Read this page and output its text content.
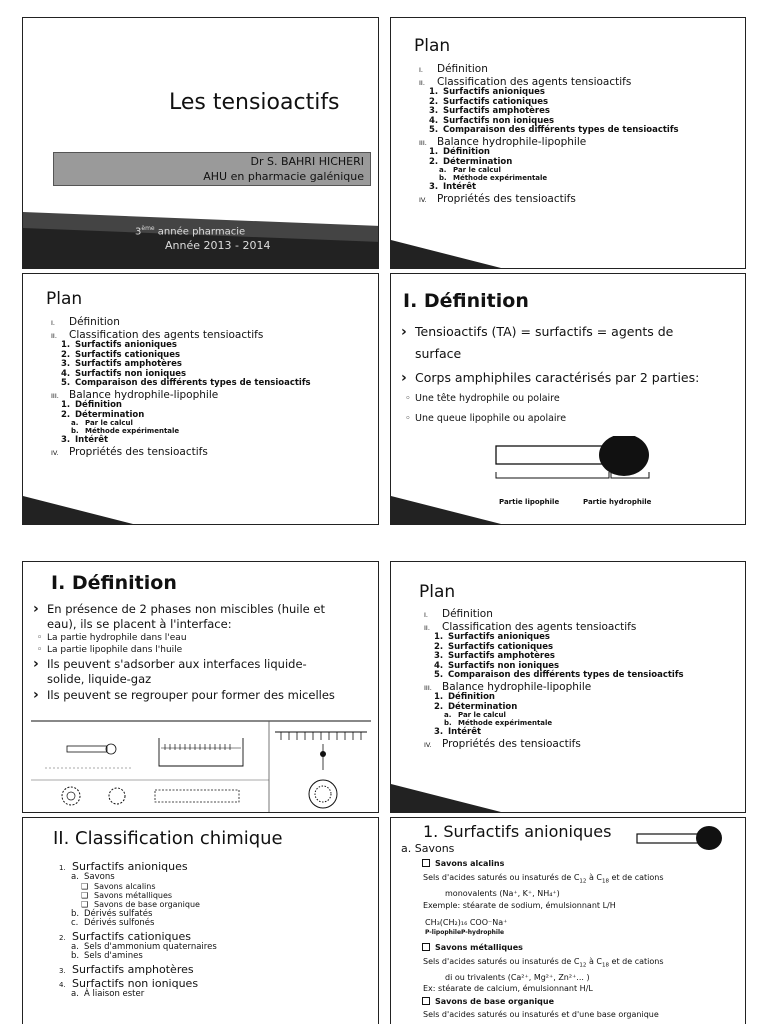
Les tensioactifs
Dr S. BAHRI HICHERI
AHU en pharmacie galénique
3ème année pharmacie
Année 2013 - 2014
Plan
I. Définition
II. Classification des agents tensioactifs
1. Surfactifs anioniques
2. Surfactifs cationiques
3. Surfactifs amphotères
4. Surfactifs non ioniques
5. Comparaison des différents types de tensioactifs
III. Balance hydrophile-lipophile
1. Définition
2. Détermination
a. Par le calcul
b. Méthode expérimentale
3. Intérêt
IV. Propriétés des tensioactifs
Plan
I. Définition
II. Classification des agents tensioactifs
1. Surfactifs anioniques
2. Surfactifs cationiques
3. Surfactifs amphotères
4. Surfactifs non ioniques
5. Comparaison des différents types de tensioactifs
III. Balance hydrophile-lipophile
1. Définition
2. Détermination
a. Par le calcul
b. Méthode expérimentale
3. Intérêt
IV. Propriétés des tensioactifs
I. Définition
› Tensioactifs (TA) = surfactifs = agents de
surface
› Corps amphiphiles caractérisés par 2 parties:
◦ Une tête hydrophile ou polaire
◦ Une queue lipophile ou apolaire
Partie lipophile	Partie hydrophile
I. Définition
› En présence de 2 phases non miscibles (huile et
eau), ils se placent à l'interface:
◦ La partie hydrophile dans l'eau
◦ La partie lipophile dans l'huile
› Ils peuvent s'adsorber aux interfaces liquide-
solide, liquide-gaz
› Ils peuvent se regrouper pour former des micelles
Plan
I. Définition
II. Classification des agents tensioactifs
1. Surfactifs anioniques
2. Surfactifs cationiques
3. Surfactifs amphotères
4. Surfactifs non ioniques
5. Comparaison des différents types de tensioactifs
III. Balance hydrophile-lipophile
1. Définition
2. Détermination
a. Par le calcul
b. Méthode expérimentale
3. Intérêt
IV. Propriétés des tensioactifs
II. Classification chimique
1. Surfactifs anioniques
a. Savons
❑ Savons alcalins
❑ Savons métalliques
❑ Savons de base organique
b. Dérivés sulfatés
c. Dérivés sulfonés
2. Surfactifs cationiques
a. Sels d'ammonium quaternaires
b. Sels d'amines
3. Surfactifs amphotères
4. Surfactifs non ioniques
a. À liaison ester
1. Surfactifs anioniques
a. Savons
Savons alcalins
Sels d'acides saturés ou insaturés de $C_{12}$ à $C_{18}$ et de cations
monovalents (Na⁺, K⁺, NH₄⁺)
Exemple: stéarate de sodium, émulsionnant L/H
CH₃(CH₂)₁₆ COO⁻Na⁺
P-lipophile P-hydrophile
Savons métalliques
Sels d'acides saturés ou insaturés de $C_{12}$ à $C_{18}$ et de cations
di ou trivalents (Ca²⁺, Mg²⁺, Zn²⁺... )
Ex: stéarate de calcium, émulsionnant H/L
Savons de base organique
Sels d'acides saturés ou insaturés et d'une base organique
